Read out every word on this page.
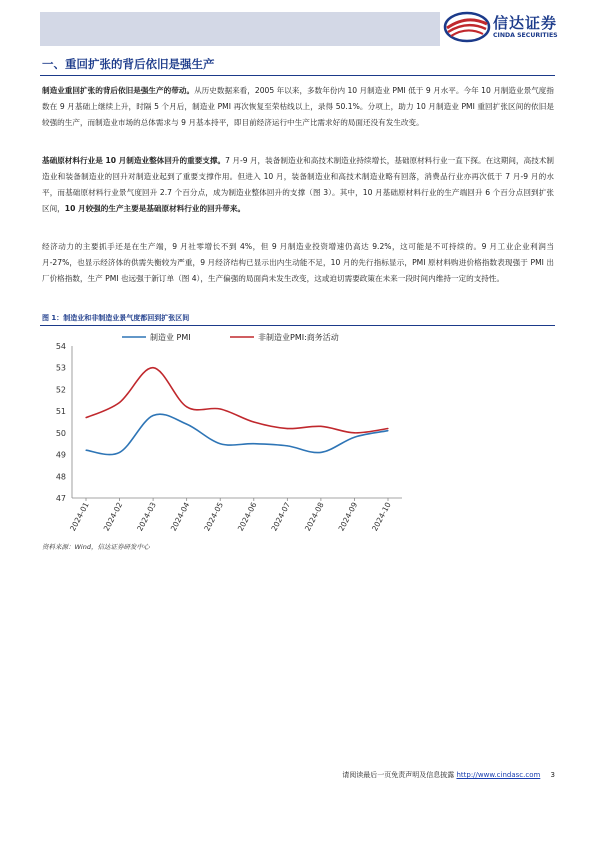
信达证券
CINDA SECURITIES
一、重回扩张的背后依旧是强生产
制造业重回扩张的背后依旧是强生产的带动。从历史数据来看，2005 年以来，多数年份内 10 月制造业 PMI 低于 9 月水平。今年 10 月制造业景气度指数在 9 月基础上继续上升，时隔 5 个月后，制造业 PMI 再次恢复至荣枯线以上，录得 50.1%。分项上，助力 10 月制造业 PMI 重回扩张区间的依旧是较强的生产，而制造业市场的总体需求与 9 月基本持平，即目前经济运行中生产比需求好的局面还没有发生改变。
基础原材料行业是 10 月制造业整体回升的重要支撑。7 月-9 月，装备制造业和高技术制造业持续增长，基础原材料行业一直下探。在这期间，高技术制造业和装备制造业的回升对制造业起到了重要支撑作用。但进入 10 月，装备制造业和高技术制造业略有回落，消费品行业亦再次低于 7 月-9 月的水平，而基础原材料行业景气度回升 2.7 个百分点，成为制造业整体回升的支撑（图 3）。其中，10 月基础原材料行业的生产端回升 6 个百分点回到扩张区间，10 月较强的生产主要是基础原材料行业的回升带来。
经济动力的主要抓手还是在生产端，9 月社零增长不到 4%，但 9 月制造业投资增速仍高达 9.2%，这可能是不可持续的。9 月工业企业利润当月-27%，也显示经济体的供需失衡较为严重，9 月经济结构已显示出内生动能不足，10 月的先行指标显示，PMI 原材料购进价格指数表现强于 PMI 出厂价格指数，生产 PMI 也远强于新订单（图 4），生产偏强的局面尚未发生改变，这或迫切需要政策在未来一段时间内维持一定的支持性。
图 1：制造业和非制造业景气度都回到扩张区间
47
48
49
50
51
52
53
54
2024-01 2024-02 2024-03 2024-04 2024-05 2024-06 2024-07 2024-08 2024-09 2024-10
制造业 PMI	非制造业PMI:商务活动
资料来源：Wind，信达证券研发中心
请阅读最后一页免责声明及信息披露 http://www.cindasc.com 3
